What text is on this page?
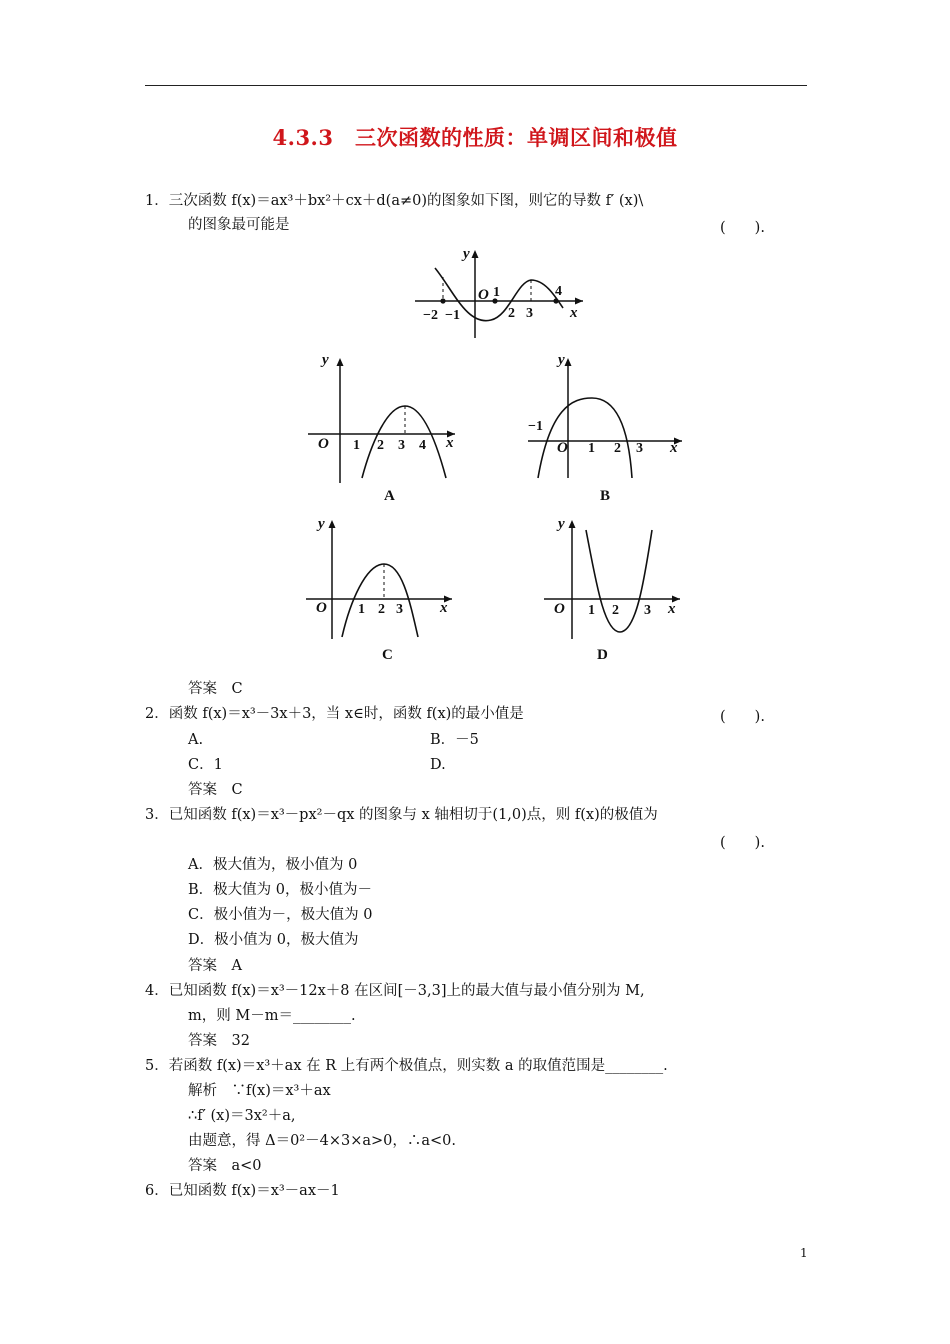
4.3.3　三次函数的性质：单调区间和极值
1．三次函数 f(x)＝ax³＋bx²＋cx＋d(a≠0)的图象如下图，则它的导数 f′ (x)\
的图象最可能是	(　　).
y
O
x
−2 −1
1
2 3
4
y
O	x
1 2 3 4
A
y
O	x
−1
1 2 3
B
y
O	x
1 2 3
C
y
O	x
1 2 3
D
答案　C
2．函数 f(x)＝x³－3x＋3，当 x∈时，函数 f(x)的最小值是	(　　).
A.	B．－5
C．1	D.
答案　C
3．已知函数 f(x)＝x³－px²－qx 的图象与 x 轴相切于(1,0)点，则 f(x)的极值为
(　　).
A．极大值为，极小值为 0
B．极大值为 0，极小值为－
C．极小值为－，极大值为 0
D．极小值为 0，极大值为
答案　A
4．已知函数 f(x)＝x³－12x＋8 在区间[－3,3]上的最大值与最小值分别为 M,
m，则 M－m＝________.
答案　32
5．若函数 f(x)＝x³＋ax 在 R 上有两个极值点，则实数 a 的取值范围是________.
解析　∵f(x)＝x³＋ax
∴f′ (x)＝3x²＋a,
由题意，得 Δ＝0²－4×3×a>0，∴a<0.
答案　a<0
6．已知函数 f(x)＝x³－ax－1
1
